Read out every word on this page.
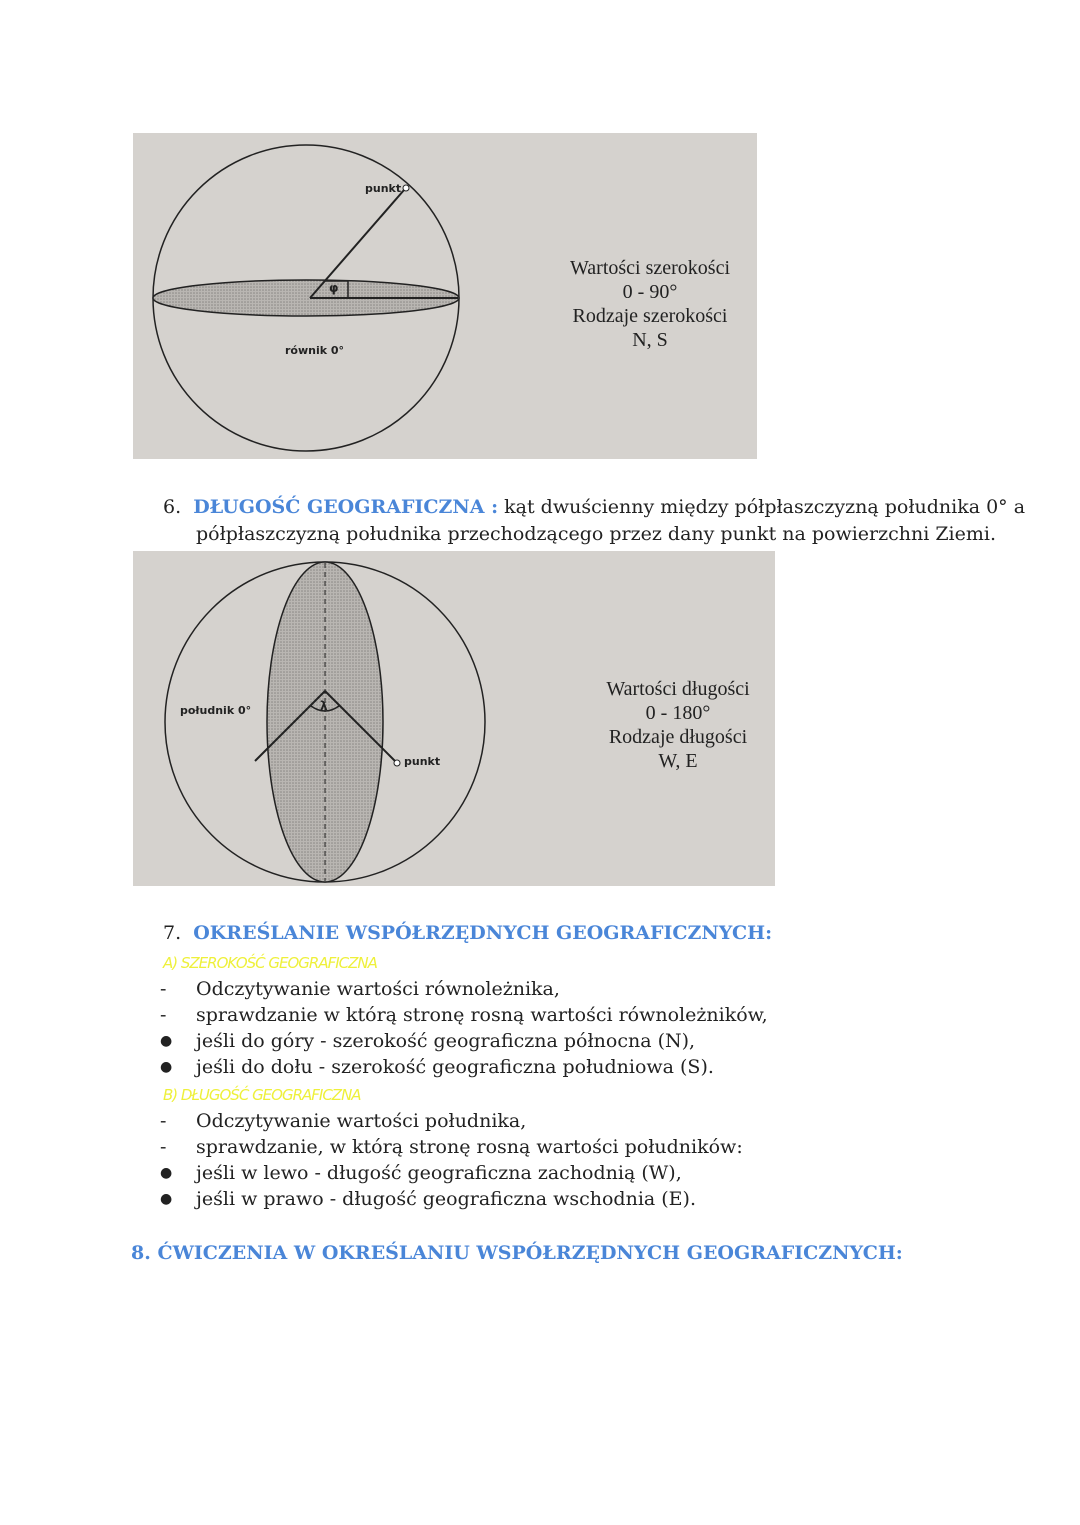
punkt
równik 0°
φ
Wartości szerokości
0 - 90°
Rodzaje szerokości
N, S
6. DŁUGOŚĆ GEOGRAFICZNA : kąt dwuścienny między półpłaszczyzną południka 0° a
półpłaszczyzną południka przechodzącego przez dany punkt na powierzchni Ziemi.
południk 0°
punkt
λ
Wartości długości
0 - 180°
Rodzaje długości
W, E
7. OKREŚLANIE WSPÓŁRZĘDNYCH GEOGRAFICZNYCH:
A) SZEROKOŚĆ GEOGRAFICZNA
-	Odczytywanie wartości równoleżnika,
-	sprawdzanie w którą stronę rosną wartości równoleżników,
●	jeśli do góry - szerokość geograficzna północna (N),
●	jeśli do dołu - szerokość geograficzna południowa (S).
B) DŁUGOŚĆ GEOGRAFICZNA
-	Odczytywanie wartości południka,
-	sprawdzanie, w którą stronę rosną wartości południków:
●	jeśli w lewo - długość geograficzna zachodnią (W),
●	jeśli w prawo - długość geograficzna wschodnia (E).
8. ĆWICZENIA W OKREŚLANIU WSPÓŁRZĘDNYCH GEOGRAFICZNYCH:
